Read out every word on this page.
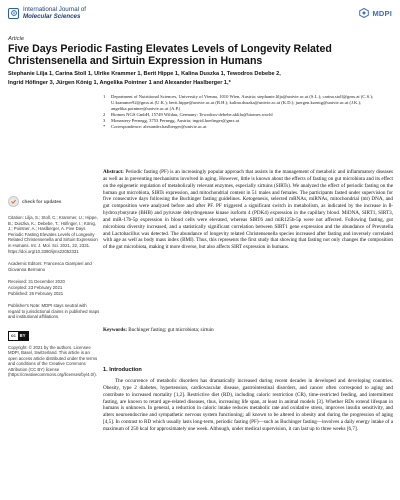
International Journal of
Molecular Sciences	MDPI
Article
Five Days Periodic Fasting Elevates Levels of Longevity Related Christensenella and Sirtuin Expression in Humans
Stephanie Lilja 1, Carina Stoll 1, Ulrike Krammer 1, Berit Hippe 1, Kalina Duszka 1, Tewodros Debebe 2,
Ingrid Höfinger 3, Jürgen König 1, Angelika Pointner 1 and Alexander Haslberger 1,*
1	Department of Nutritional Sciences, University of Vienna, 1010 Wien, Austria; stephanie.lilja@univie.ac.at (S.L.); carina.stoll@gmx.at (C.S.); U.krammer92@gmx.at (U.K.); berit.hippe@univie.ac.at (B.H.); kalina.duszka@univie.ac.at (K.D.); juergen.koenig@univie.ac.at (J.K.); angelika.pointner@univie.ac.at (A.P.)
2	Biomes NGS GmbH, 15749 Wildau, Germany; Tewodros-debebe.aklilu@biomes.world
3	Monastery Pernegg, 3753 Pernegg, Austria; ingrid.hoefinger@gmx.at
*	Correspondence: alexander.haslberger@univie.ac.at
check for updates
Citation: Lilja, S.; Stoll, C.; Krammer, U.; Hippe, B.; Duszka, K.; Debebe, T.; Höfinger, I.; König, J.; Pointner, A.; Haslberger, A. Five Days Periodic Fasting Elevates Levels of Longevity Related Christensenella and Sirtuin Expression in Humans. Int. J. Mol. Sci. 2021, 22, 2331. https://doi.org/10.3390/ijms22052331
Academic Editors: Francesca Giampieri and Giovanna Bermano
Received: 31 December 2020
Accepted: 23 February 2021
Published: 26 February 2021
Publisher's Note: MDPI stays neutral with regard to jurisdictional claims in published maps and institutional affiliations.
cc BY
Copyright: © 2021 by the authors. Licensee MDPI, Basel, Switzerland. This article is an open access article distributed under the terms and conditions of the Creative Commons Attribution (CC BY) license (https://creativecommons.org/licenses/by/4.0/).
Abstract: Periodic fasting (PF) is an increasingly popular approach that assists in the management of metabolic and inflammatory diseases as well as in preventing mechanisms involved in aging. However, little is known about the effects of fasting on gut microbiota and its effect on the epigenetic regulation of metabolically relevant enzymes, especially sirtuins (SIRTs). We analyzed the effect of periodic fasting on the human gut microbiota, SIRTs expression, and mitochondrial content in 51 males and females. The participants fasted under supervision for five consecutive days following the Buchinger fasting guidelines. Ketogenesis, selected mRNAs, miRNAs, mitochondrial (mt) DNA, and gut composition were analyzed before and after PF. PF triggered a significant switch in metabolism, as indicated by the increase in ß-hydroxybutyrate (BHB) and pyruvate dehydrogenase kinase isoform 4 (PDK4) expression in the capillary blood. MiDNA, SIRT1, SIRT3, and miR-17b-5p expression in blood cells were elevated, whereas SIRT6 and miR125b-5p were not affected. Following fasting, gut microbiota diversity increased, and a statistically significant correlation between SIRT1 gene expression and the abundance of Prevotella and Lactobacillus was detected. The abundance of longevity related Christensenella species increased after fasting and inversely correlated with age as well as body mass index (BMI). Thus, this represents the first study that showing that fasting not only changes the composition of the gut microbiota, making it more diverse, but also affects SIRT expression in humans.
Keywords: Buchinger fasting; gut microbiota; sirtuin
1. Introduction
The occurrence of metabolic disorders has dramatically increased during recent decades in developed and developing countries. Obesity, type 2 diabetes, hypertension, cardiovascular disease, gastrointestinal disorders, and cancer often correspond to aging and contribute to increased mortality [1,2]. Restrictive diet (RD), including caloric restriction (CR), time-restricted feeding, and intermittent fasting, are known to retard age-related diseases, thus, increasing life span, at least in animal models [3]. Whether RDs extend lifespan in humans is unknown. In general, a reduction in caloric intake reduces metabolic rate and oxidative stress, improves insulin sensitivity, and alters neuroendocrine and sympathetic nervous system functioning; all known to be altered in obesity and during the progression of aging [4,5]. In contrast to RD which usually lasts long-term, periodic fasting (PF)—such as Buchinger fasting—involves a daily energy intake of a maximum of 250 kcal for approximately one week. Although, under medical supervision, it can last up to three weeks [6,7].
